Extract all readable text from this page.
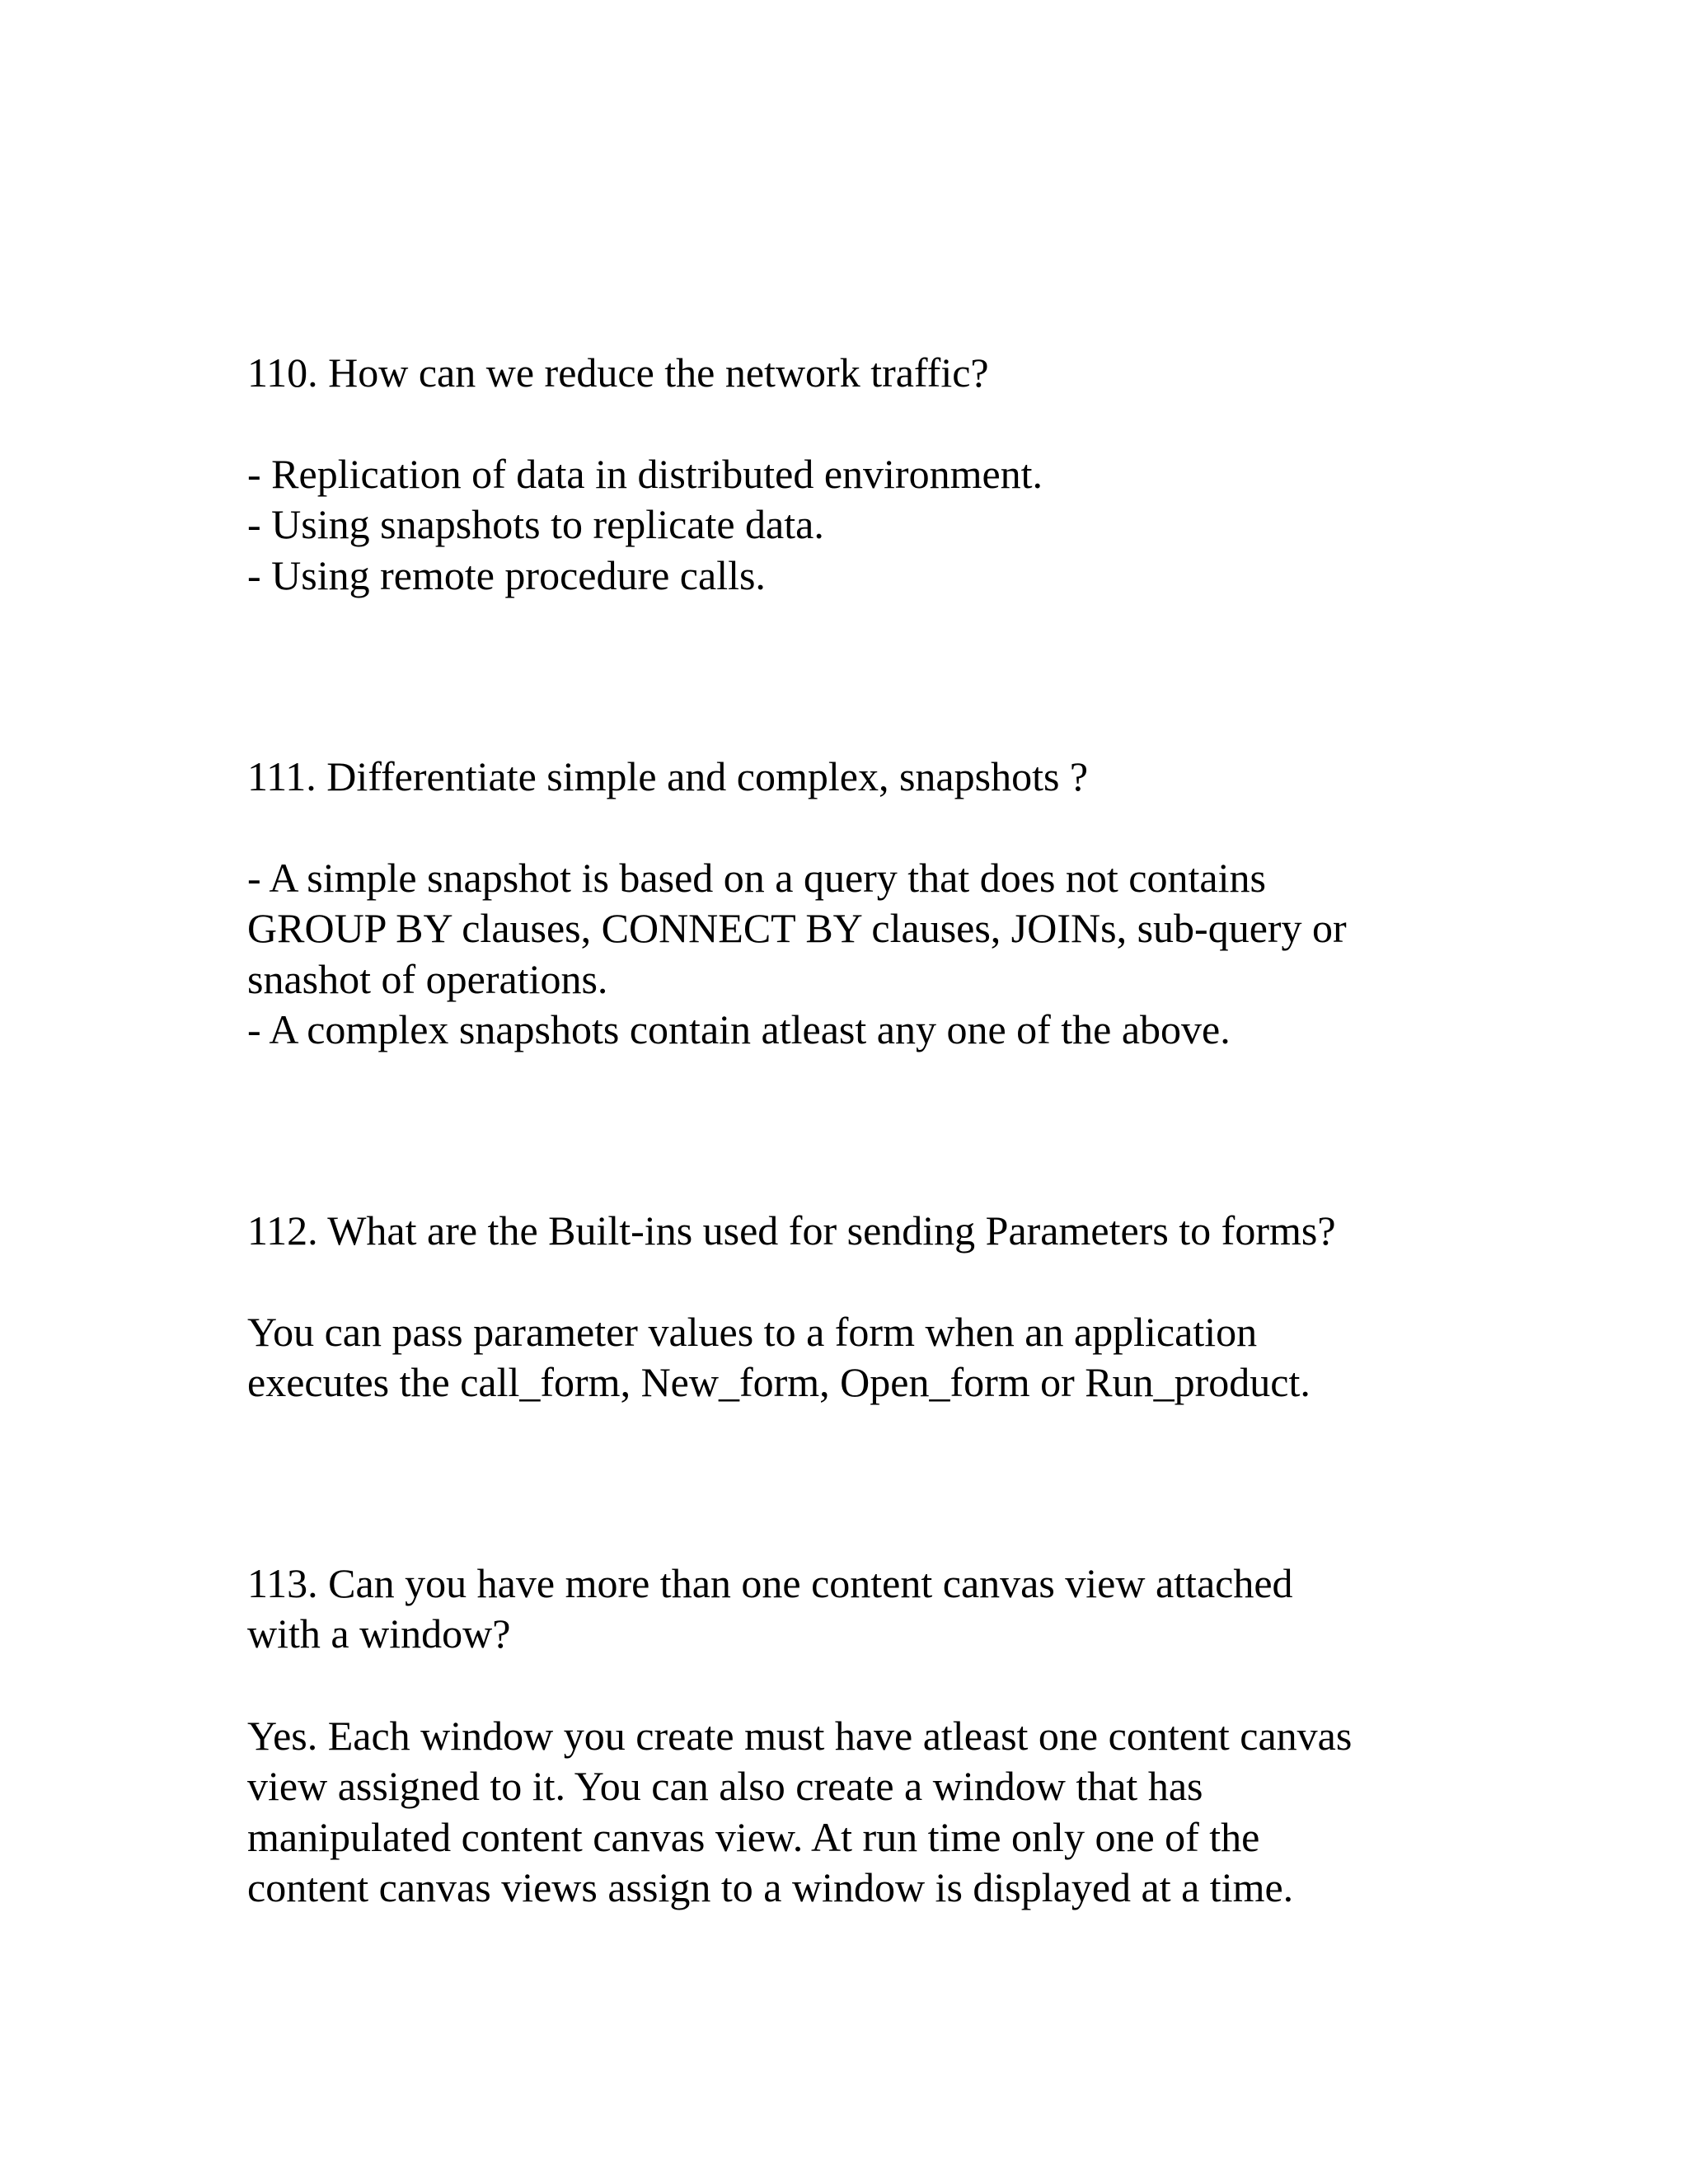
110. How can we reduce the network traffic?
- Replication of data in distributed environment.
- Using snapshots to replicate data.
- Using remote procedure calls.
111. Differentiate simple and complex, snapshots ?
- A simple snapshot is based on a query that does not contains
GROUP BY clauses, CONNECT BY clauses, JOINs, sub-query or
snashot of operations.
- A complex snapshots contain atleast any one of the above.
112. What are the Built-ins used for sending Parameters to forms?
You can pass parameter values to a form when an application
executes the call_form, New_form, Open_form or Run_product.
113. Can you have more than one content canvas view attached
with a window?
Yes. Each window you create must have atleast one content canvas
view assigned to it. You can also create a window that has
manipulated content canvas view. At run time only one of the
content canvas views assign to a window is displayed at a time.
